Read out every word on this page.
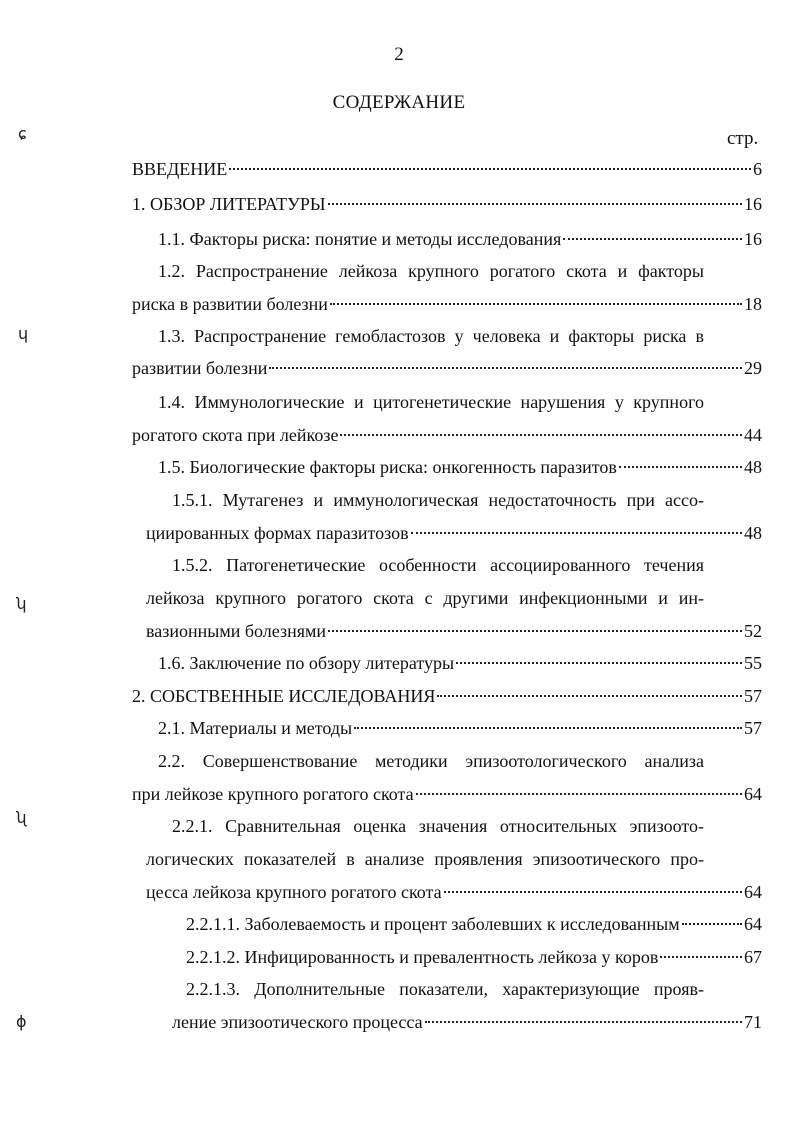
2
СОДЕРЖАНИЕ
стр.
ɕ
ɥ
ʮ
ʯ
ɸ
ВВЕДЕНИЕ	6
1. ОБЗОР ЛИТЕРАТУРЫ	16
1.1. Факторы риска: понятие и методы исследования	16
1.2. Распространение лейкоза крупного рогатого скота и факторы
риска в развитии болезни	18
1.3. Распространение гемобластозов у человека и факторы риска в
развитии болезни	29
1.4. Иммунологические и цитогенетические нарушения у крупного
рогатого скота при лейкозе	44
1.5. Биологические факторы риска: онкогенность паразитов	48
1.5.1. Мутагенез и иммунологическая недостаточность при ассо-
циированных формах паразитозов	48
1.5.2. Патогенетические особенности ассоциированного течения
лейкоза крупного рогатого скота с другими инфекционными и ин-
вазионными болезнями	52
1.6. Заключение по обзору литературы	55
2. СОБСТВЕННЫЕ ИССЛЕДОВАНИЯ	57
2.1. Материалы и методы	57
2.2. Совершенствование методики эпизоотологического анализа
при лейкозе крупного рогатого скота	64
2.2.1. Сравнительная оценка значения относительных эпизоото-
логических показателей в анализе проявления эпизоотического про-
цесса лейкоза крупного рогатого скота	64
2.2.1.1. Заболеваемость и процент заболевших к исследованным	64
2.2.1.2. Инфицированность и превалентность лейкоза у коров	67
2.2.1.3. Дополнительные показатели, характеризующие прояв-
ление эпизоотического процесса	71
